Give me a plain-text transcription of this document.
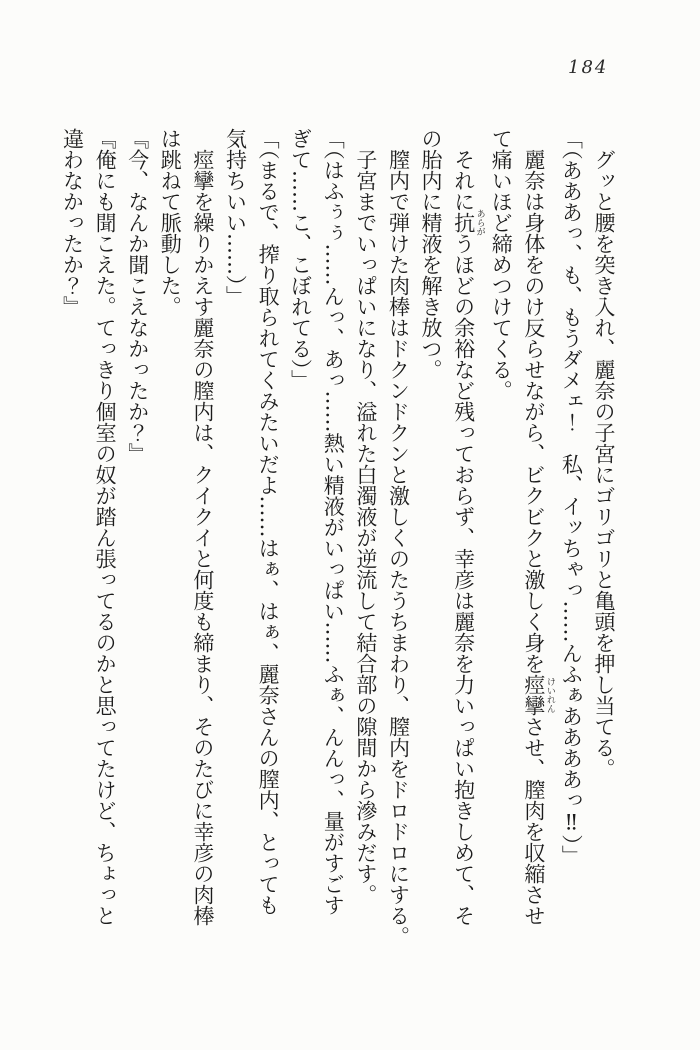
184
グッと腰を突き入れ、麗奈の子宮にゴリゴリと亀頭を押し当てる。
「（あああっ、も、もうダメェ！　私、イッちゃっ……んふぁああああっ‼）」
麗奈は身体をのけ反らせながら、ビクビクと激しく身を痙攣 けいれんさせ、膣肉を収縮させ
て痛いほど締めつけてくる。
それに抗 あらがうほどの余裕など残っておらず、幸彦は麗奈を力いっぱい抱きしめて、そ
の胎内に精液を解き放つ。
膣内で弾けた肉棒はドクンドクンと激しくのたうちまわり、膣内をドロドロにする。
子宮までいっぱいになり、溢れた白濁液が逆流して結合部の隙間から滲みだす。
「（はふぅぅ……んっ、あっ……熱い精液がいっぱい……ふぁ、んんっ、量がすごす
ぎて……こ、こぼれてる）」
「（まるで、搾り取られてくみたいだよ……はぁ、はぁ、麗奈さんの膣内、とっても
気持ちいい……）」
痙攣を繰りかえす麗奈の膣内は、クイクイと何度も締まり、そのたびに幸彦の肉棒
は跳ねて脈動した。
『今、なんか聞こえなかったか？』
『俺にも聞こえた。てっきり個室の奴が踏ん張ってるのかと思ってたけど、ちょっと
違わなかったか？』
